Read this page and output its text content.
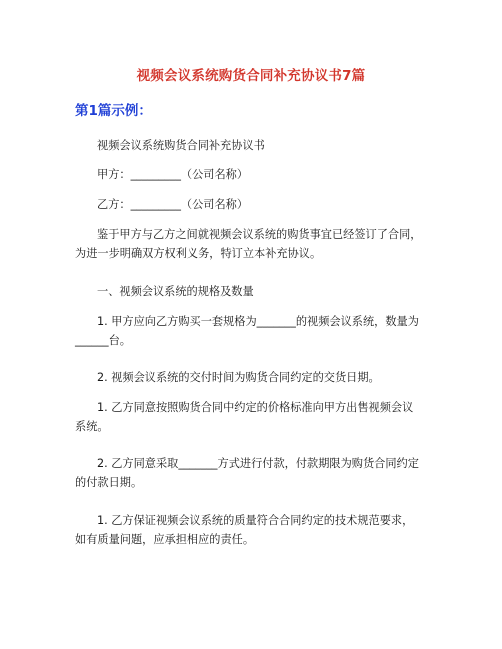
视频会议系统购货合同补充协议书7篇
第1篇示例：
视频会议系统购货合同补充协议书
甲方：_________（公司名称）
乙方：_________（公司名称）
鉴于甲方与乙方之间就视频会议系统的购货事宜已经签订了合同，
为进一步明确双方权利义务，特订立本补充协议。
一、视频会议系统的规格及数量
1. 甲方应向乙方购买一套规格为_______的视频会议系统，数量为
______台。
2. 视频会议系统的交付时间为购货合同约定的交货日期。
1. 乙方同意按照购货合同中约定的价格标准向甲方出售视频会议
系统。
2. 乙方同意采取_______方式进行付款，付款期限为购货合同约定
的付款日期。
1. 乙方保证视频会议系统的质量符合合同约定的技术规范要求，
如有质量问题，应承担相应的责任。
